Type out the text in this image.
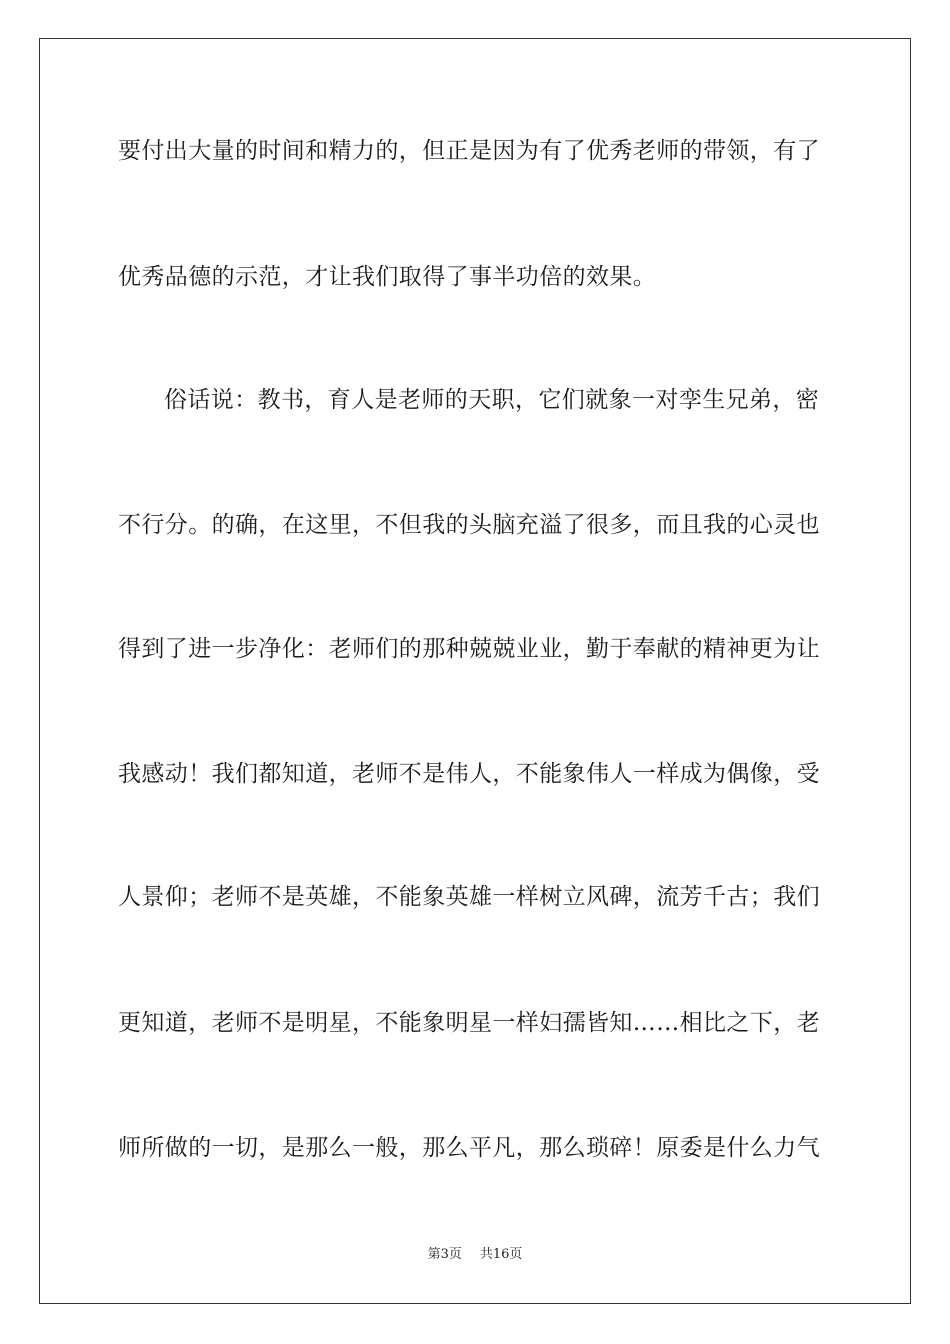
要付出大量的时间和精力的，但正是因为有了优秀老师的带领，有了
优秀品德的示范，才让我们取得了事半功倍的效果。
俗话说：教书，育人是老师的天职，它们就象一对孪生兄弟，密
不行分。的确，在这里，不但我的头脑充溢了很多，而且我的心灵也
得到了进一步净化：老师们的那种兢兢业业，勤于奉献的精神更为让
我感动！我们都知道，老师不是伟人，不能象伟人一样成为偶像，受
人景仰；老师不是英雄，不能象英雄一样树立风碑，流芳千古；我们
更知道，老师不是明星，不能象明星一样妇孺皆知……相比之下，老
师所做的一切，是那么一般，那么平凡，那么琐碎！原委是什么力气
第3页 共16页
